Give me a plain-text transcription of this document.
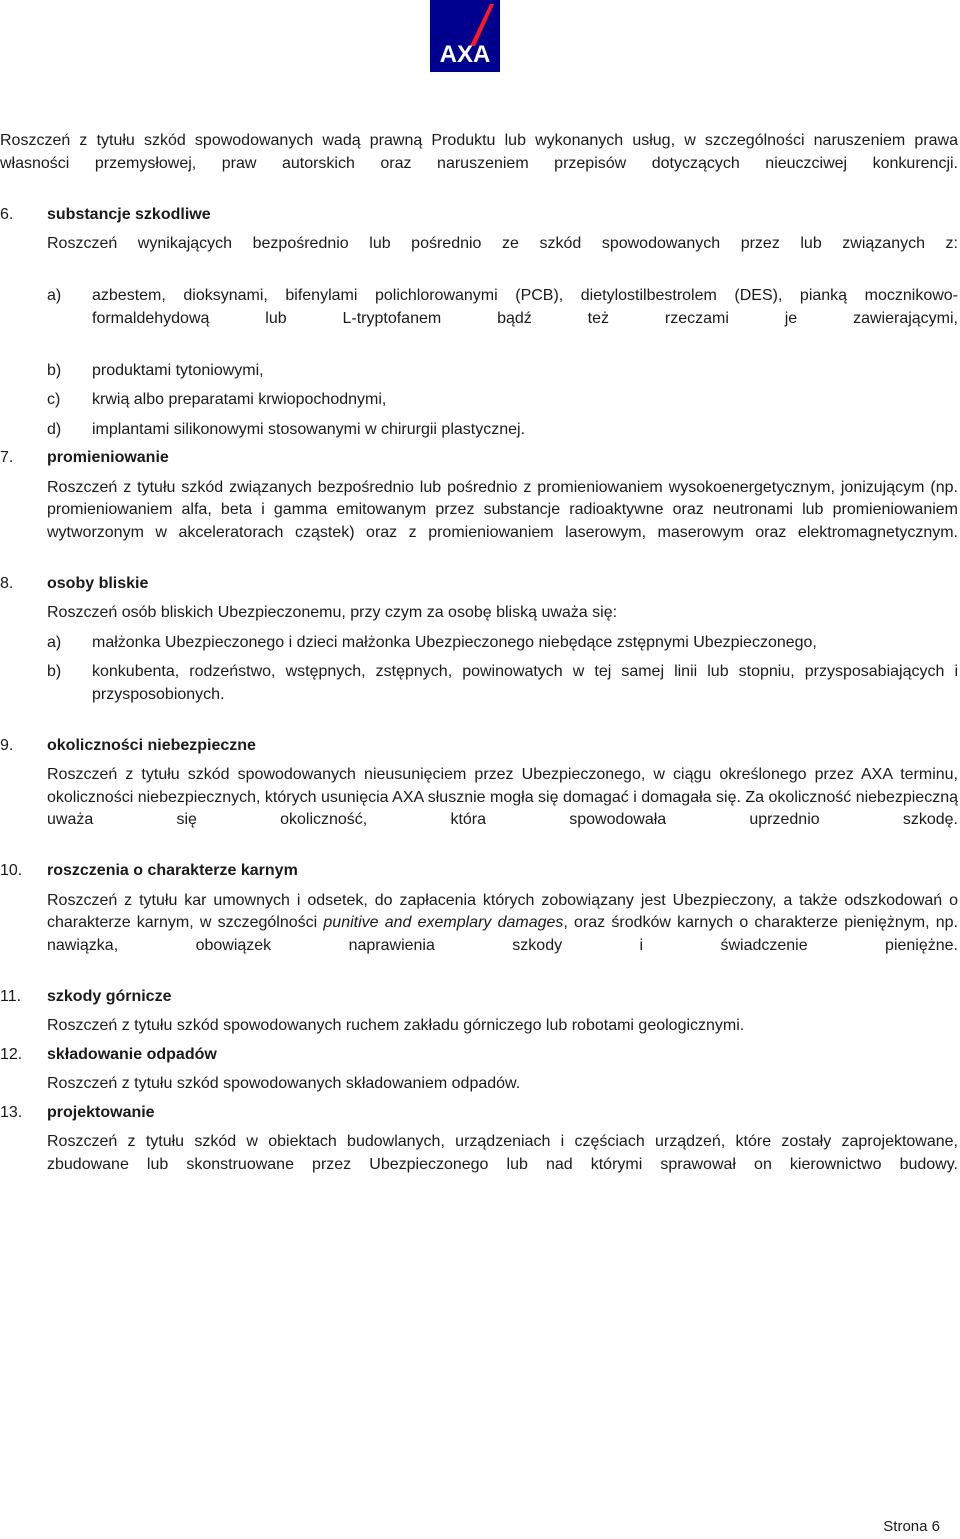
AXA

Roszczeń z tytułu szkód spowodowanych wadą prawną Produktu lub wykonanych usług, w szczególności naruszeniem prawa własności przemysłowej, praw autorskich oraz naruszeniem przepisów dotyczących nieuczciwej konkurencji.

6. substancje szkodliwe

Roszczeń wynikających bezpośrednio lub pośrednio ze szkód spowodowanych przez lub związanych z:

a) azbestem, dioksynami, bifenylami polichlorowanymi (PCB), dietylostilbestrolem (DES), pianką mocznikowo-formaldehydową lub L-tryptofanem bądź też rzeczami je zawierającymi,
b) produktami tytoniowymi,
c) krwią albo preparatami krwiopochodnymi,
d) implantami silikonowymi stosowanymi w chirurgii plastycznej.
7. promieniowanie

Roszczeń z tytułu szkód związanych bezpośrednio lub pośrednio z promieniowaniem wysokoenergetycznym, jonizującym (np. promieniowaniem alfa, beta i gamma emitowanym przez substancje radioaktywne oraz neutronami lub promieniowaniem wytworzonym w akceleratorach cząstek) oraz z promieniowaniem laserowym, maserowym oraz elektromagnetycznym.

8. osoby bliskie

Roszczeń osób bliskich Ubezpieczonemu, przy czym za osobę bliską uważa się:

a) małżonka Ubezpieczonego i dzieci małżonka Ubezpieczonego niebędące zstępnymi Ubezpieczonego,
b) konkubenta, rodzeństwo, wstępnych, zstępnych, powinowatych w tej samej linii lub stopniu, przysposabiających i przysposobionych.
9. okoliczności niebezpieczne

Roszczeń z tytułu szkód spowodowanych nieusunięciem przez Ubezpieczonego, w ciągu określonego przez AXA terminu, okoliczności niebezpiecznych, których usunięcia AXA słusznie mogła się domagać i domagała się. Za okoliczność niebezpieczną uważa się okoliczność, która spowodowała uprzednio szkodę.

10. roszczenia o charakterze karnym

Roszczeń z tytułu kar umownych i odsetek, do zapłacenia których zobowiązany jest Ubezpieczony, a także odszkodowań o charakterze karnym, w szczególności punitive and exemplary damages, oraz środków karnych o charakterze pieniężnym, np. nawiązka, obowiązek naprawienia szkody i świadczenie pieniężne.

11. szkody górnicze

Roszczeń z tytułu szkód spowodowanych ruchem zakładu górniczego lub robotami geologicznymi.

12. składowanie odpadów

Roszczeń z tytułu szkód spowodowanych składowaniem odpadów.

13. projektowanie

Roszczeń z tytułu szkód w obiektach budowlanych, urządzeniach i częściach urządzeń, które zostały zaprojektowane, zbudowane lub skonstruowane przez Ubezpieczonego lub nad którymi sprawował on kierownictwo budowy.

Strona 6
